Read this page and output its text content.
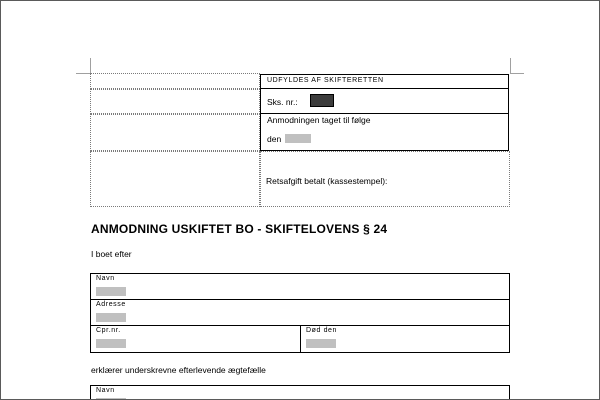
UDFYLDES AF SKIFTERETTEN
Sks. nr.:
Anmodningen taget til følge
den
Retsafgift betalt (kassestempel):
ANMODNING USKIFTET BO - SKIFTELOVENS § 24
I boet efter
Navn
Adresse
Cpr.nr.	Død den
erklærer underskrevne efterlevende ægtefælle
Navn
